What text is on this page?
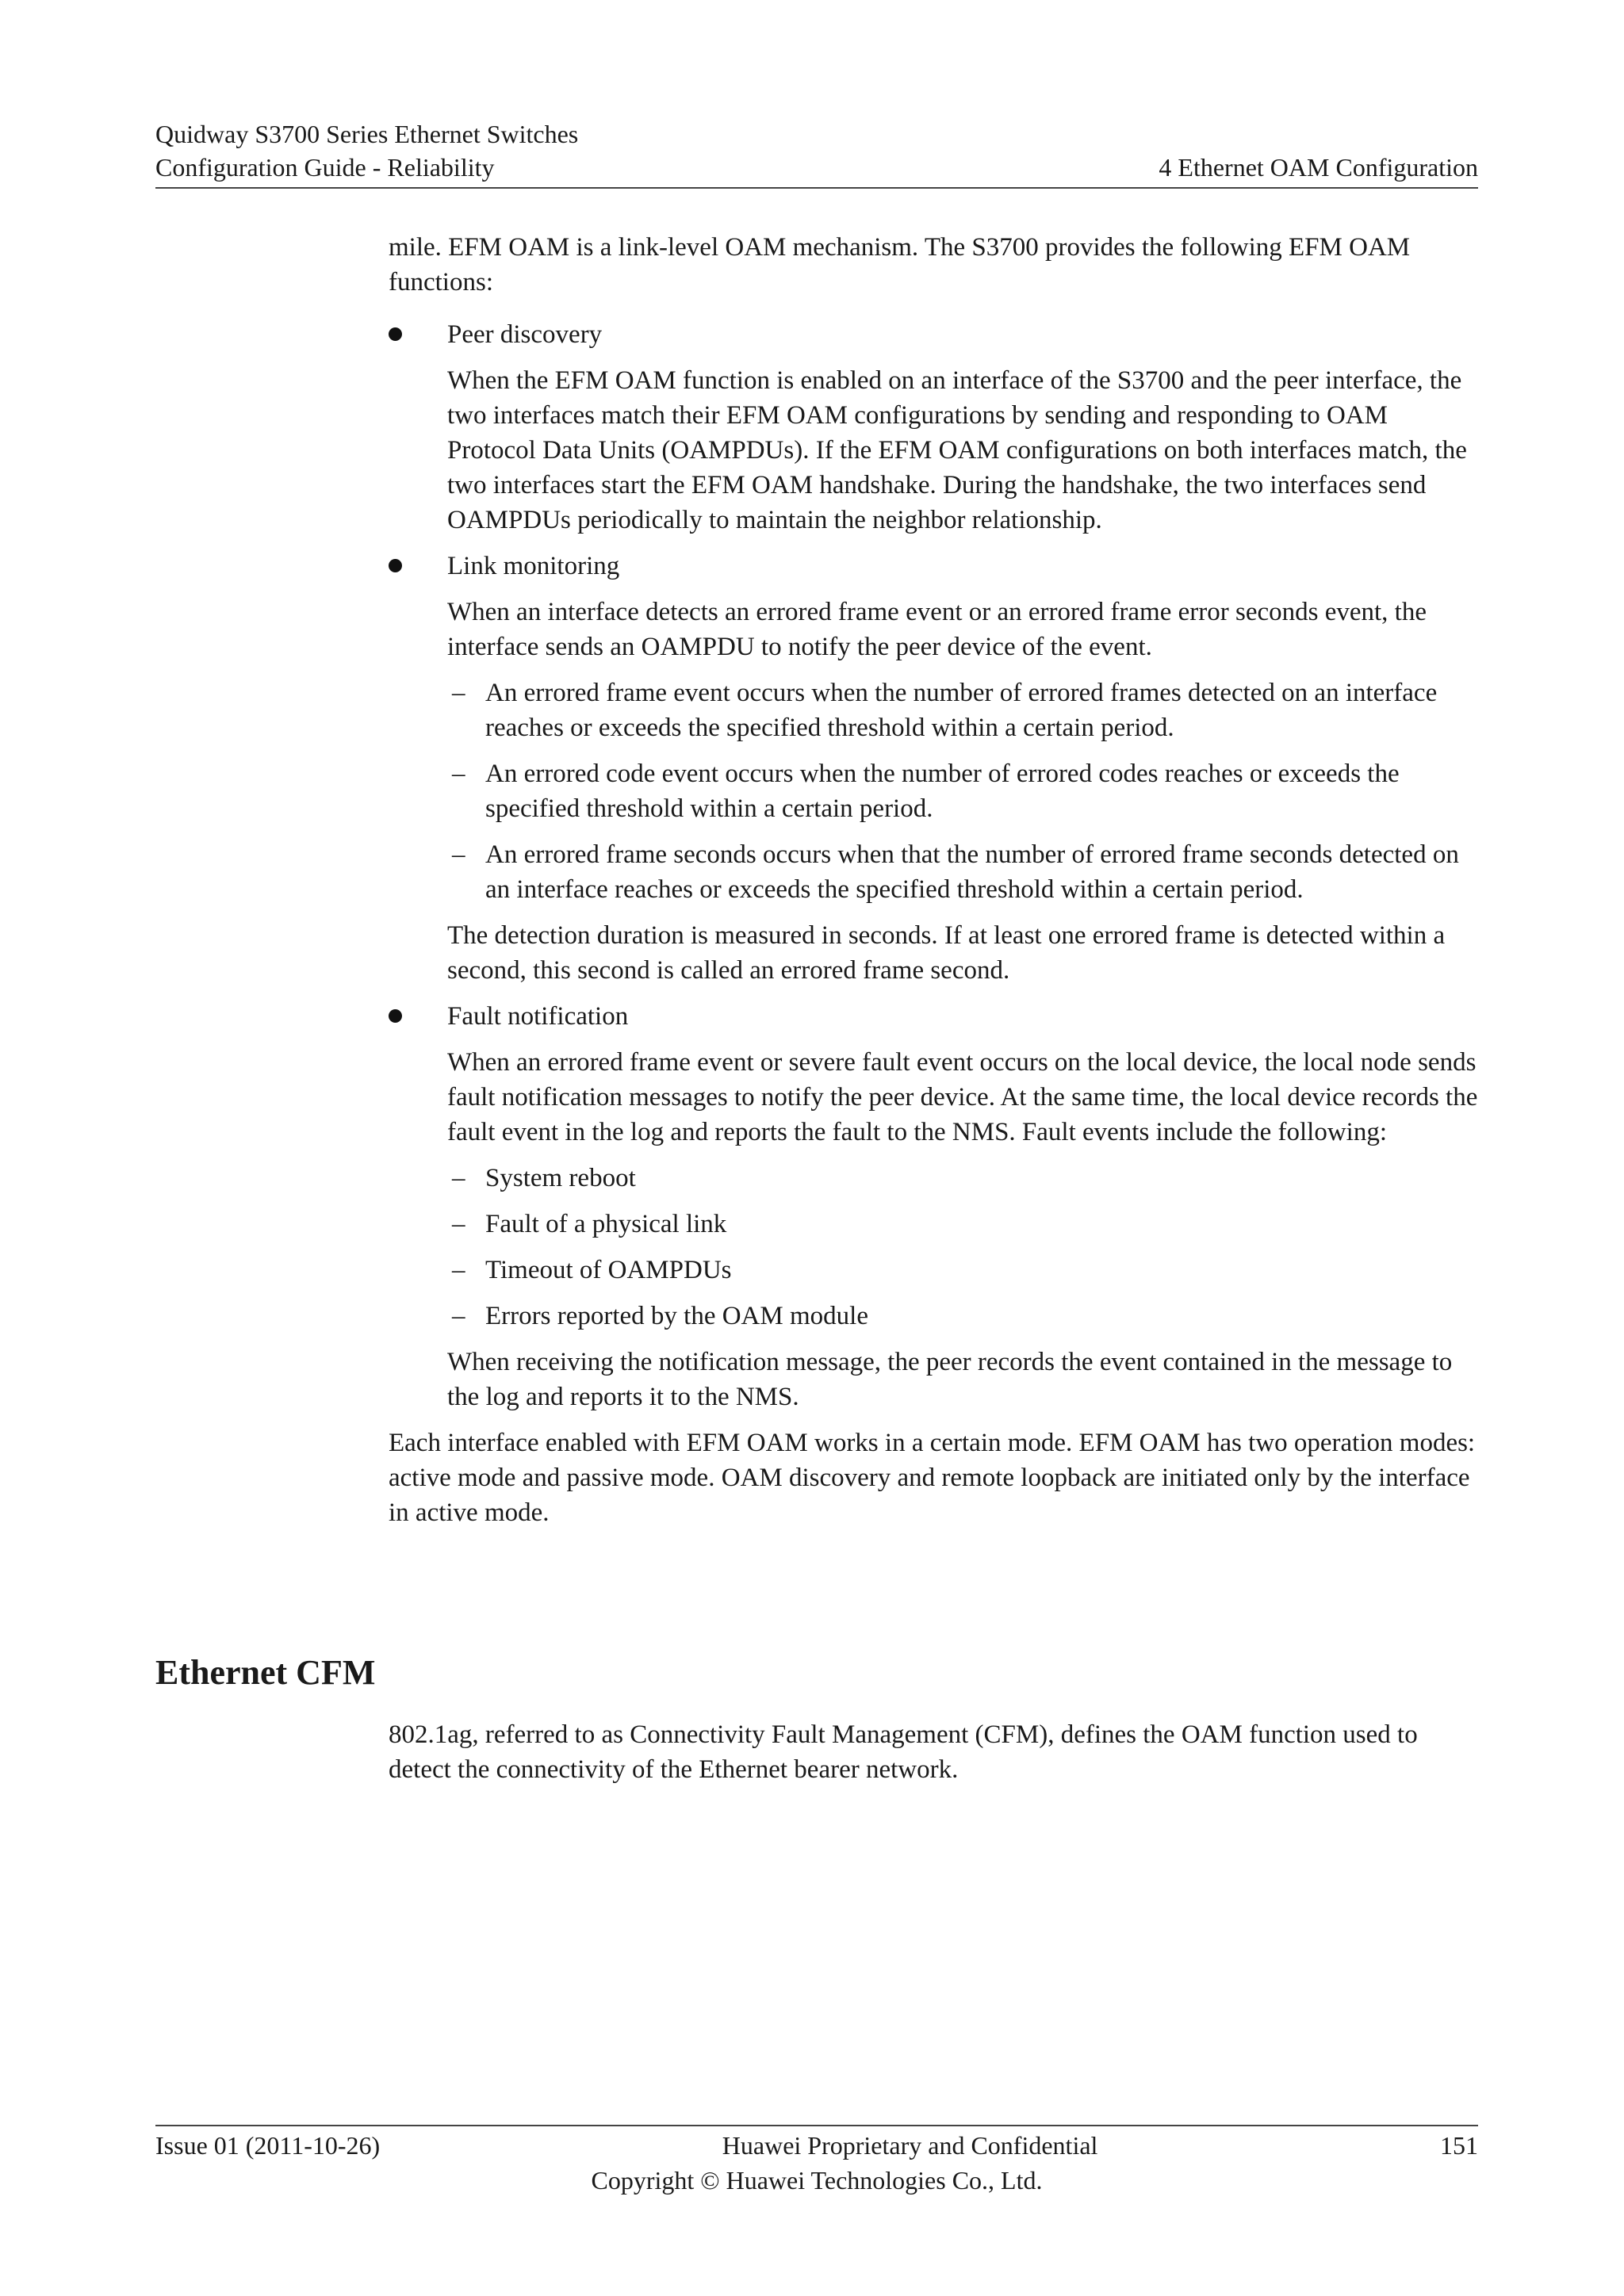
Quidway S3700 Series Ethernet Switches
Configuration Guide - Reliability	4 Ethernet OAM Configuration

mile. EFM OAM is a link-level OAM mechanism. The S3700 provides the following EFM OAM functions:

Peer discovery

When the EFM OAM function is enabled on an interface of the S3700 and the peer interface, the two interfaces match their EFM OAM configurations by sending and responding to OAM Protocol Data Units (OAMPDUs). If the EFM OAM configurations on both interfaces match, the two interfaces start the EFM OAM handshake. During the handshake, the two interfaces send OAMPDUs periodically to maintain the neighbor relationship.

Link monitoring

When an interface detects an errored frame event or an errored frame error seconds event, the interface sends an OAMPDU to notify the peer device of the event.

– An errored frame event occurs when the number of errored frames detected on an interface reaches or exceeds the specified threshold within a certain period.

– An errored code event occurs when the number of errored codes reaches or exceeds the specified threshold within a certain period.

– An errored frame seconds occurs when that the number of errored frame seconds detected on an interface reaches or exceeds the specified threshold within a certain period.

The detection duration is measured in seconds. If at least one errored frame is detected within a second, this second is called an errored frame second.

Fault notification

When an errored frame event or severe fault event occurs on the local device, the local node sends fault notification messages to notify the peer device. At the same time, the local device records the fault event in the log and reports the fault to the NMS. Fault events include the following:

– System reboot

– Fault of a physical link

– Timeout of OAMPDUs

– Errors reported by the OAM module

When receiving the notification message, the peer records the event contained in the message to the log and reports it to the NMS.

Each interface enabled with EFM OAM works in a certain mode. EFM OAM has two operation modes: active mode and passive mode. OAM discovery and remote loopback are initiated only by the interface in active mode.

Ethernet CFM

802.1ag, referred to as Connectivity Fault Management (CFM), defines the OAM function used to detect the connectivity of the Ethernet bearer network.

Issue 01 (2011-10-26)	Huawei Proprietary and Confidential	151
Copyright © Huawei Technologies Co., Ltd.
